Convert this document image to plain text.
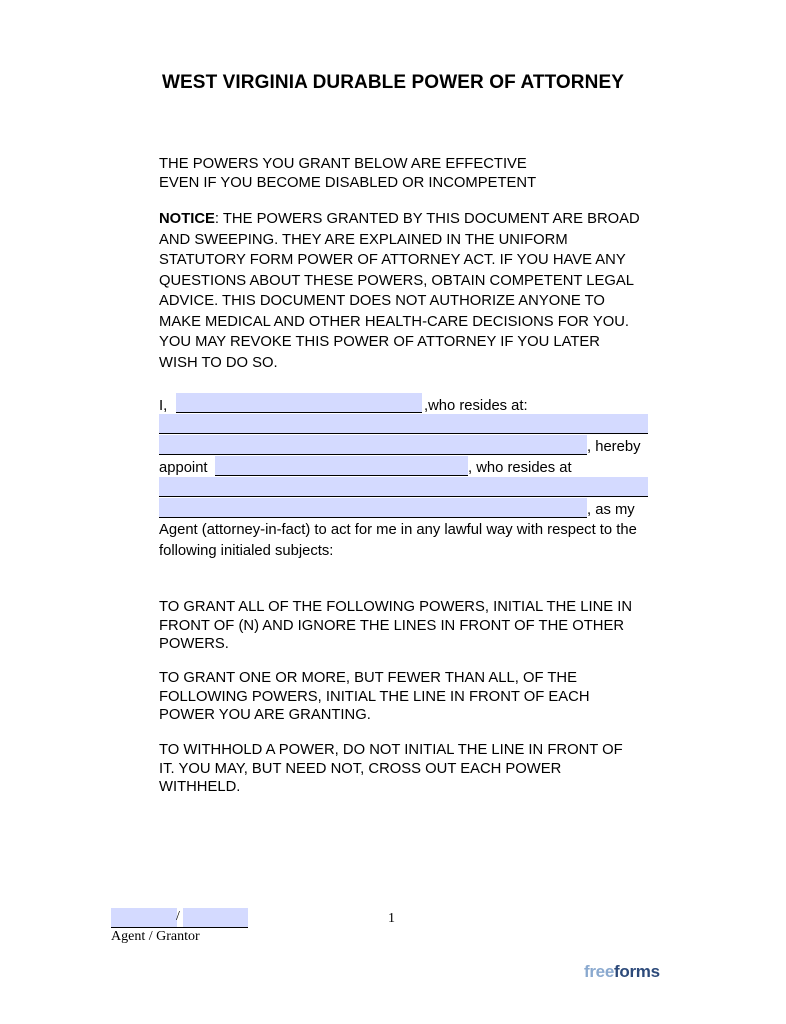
WEST VIRGINIA DURABLE POWER OF ATTORNEY
THE POWERS YOU GRANT BELOW ARE EFFECTIVE
EVEN IF YOU BECOME DISABLED OR INCOMPETENT
NOTICE: THE POWERS GRANTED BY THIS DOCUMENT ARE BROAD
AND SWEEPING. THEY ARE EXPLAINED IN THE UNIFORM
STATUTORY FORM POWER OF ATTORNEY ACT. IF YOU HAVE ANY
QUESTIONS ABOUT THESE POWERS, OBTAIN COMPETENT LEGAL
ADVICE. THIS DOCUMENT DOES NOT AUTHORIZE ANYONE TO
MAKE MEDICAL AND OTHER HEALTH-CARE DECISIONS FOR YOU.
YOU MAY REVOKE THIS POWER OF ATTORNEY IF YOU LATER
WISH TO DO SO.
I,	,who resides at:
, hereby
appoint	, who resides at
, as my
Agent (attorney-in-fact) to act for me in any lawful way with respect to the
following initialed subjects:
TO GRANT ALL OF THE FOLLOWING POWERS, INITIAL THE LINE IN
FRONT OF (N) AND IGNORE THE LINES IN FRONT OF THE OTHER
POWERS.
TO GRANT ONE OR MORE, BUT FEWER THAN ALL, OF THE
FOLLOWING POWERS, INITIAL THE LINE IN FRONT OF EACH
POWER YOU ARE GRANTING.
TO WITHHOLD A POWER, DO NOT INITIAL THE LINE IN FRONT OF
IT. YOU MAY, BUT NEED NOT, CROSS OUT EACH POWER
WITHHELD.
/
Agent / Grantor
1
freeforms
